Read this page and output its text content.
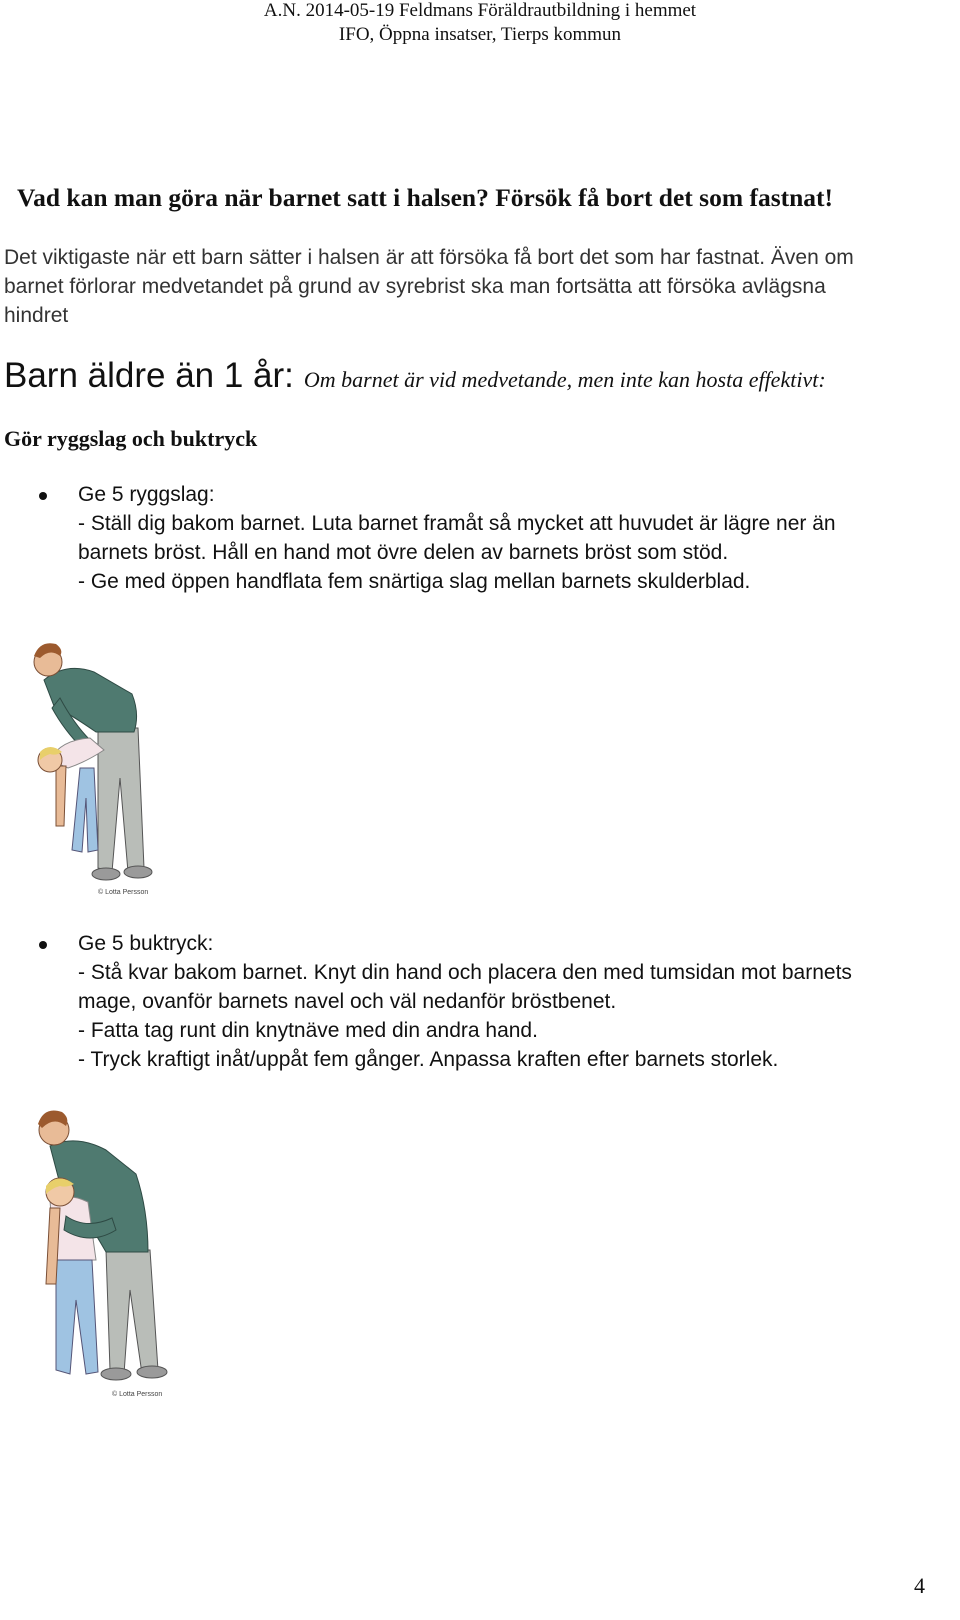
A.N. 2014-05-19 Feldmans Föräldrautbildning i hemmet
IFO, Öppna insatser, Tierps kommun
Vad kan man göra när barnet satt i halsen? Försök få bort det som fastnat!
Det viktigaste när ett barn sätter i halsen är att försöka få bort det som har fastnat. Även om
barnet förlorar medvetandet på grund av syrebrist ska man fortsätta att försöka avlägsna
hindret
Barn äldre än 1 år: Om barnet är vid medvetande, men inte kan hosta effektivt:
Gör ryggslag och buktryck
Ge 5 ryggslag:
- Ställ dig bakom barnet. Luta barnet framåt så mycket att huvudet är lägre ner än
barnets bröst. Håll en hand mot övre delen av barnets bröst som stöd.
- Ge med öppen handflata fem snärtiga slag mellan barnets skulderblad.
© Lotta Persson
Ge 5 buktryck:
- Stå kvar bakom barnet. Knyt din hand och placera den med tumsidan mot barnets
mage, ovanför barnets navel och väl nedanför bröstbenet.
- Fatta tag runt din knytnäve med din andra hand.
- Tryck kraftigt inåt/uppåt fem gånger. Anpassa kraften efter barnets storlek.
© Lotta Persson
4
